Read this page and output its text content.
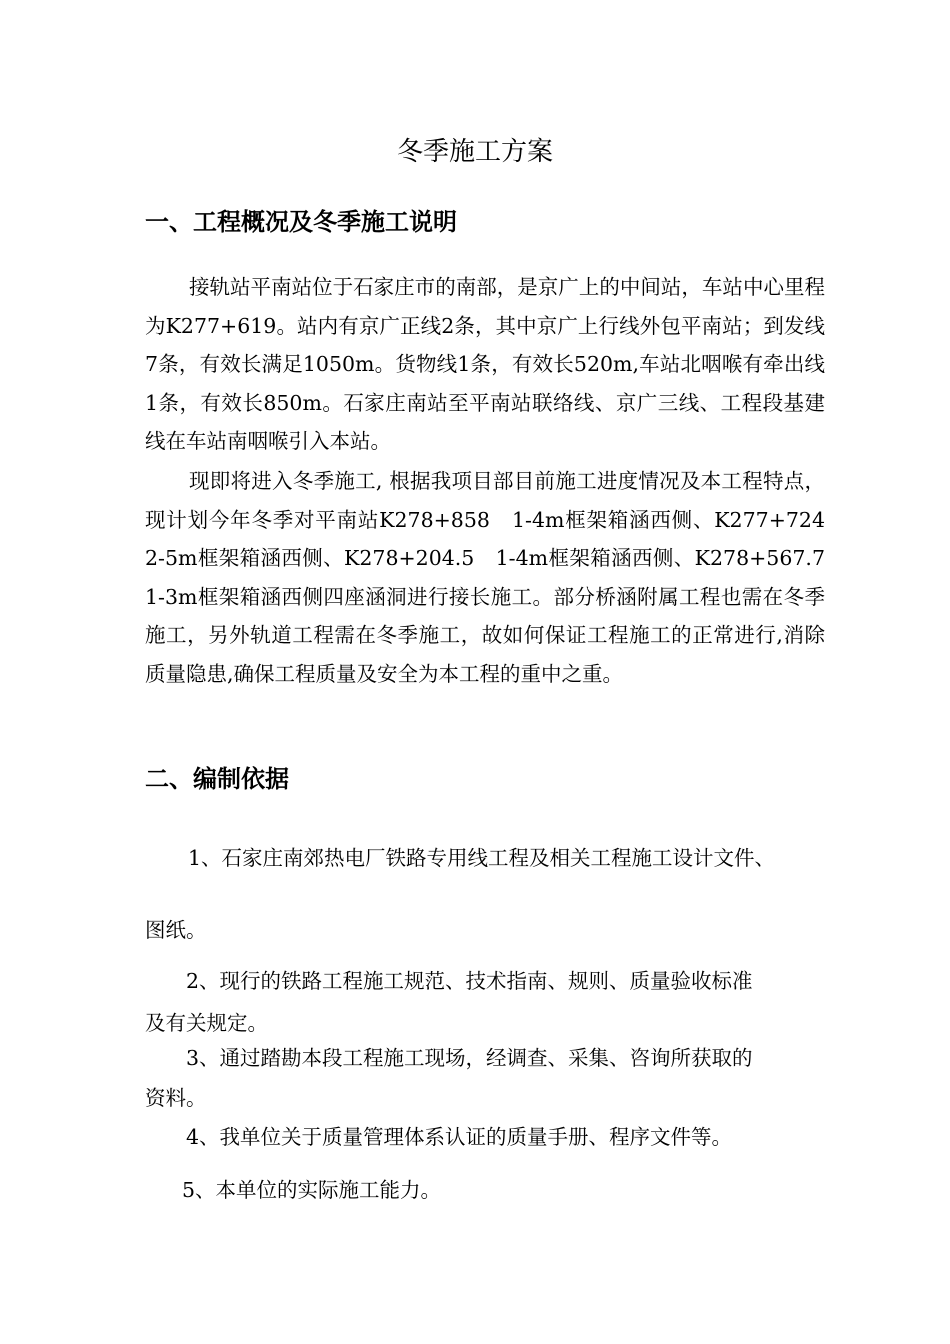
冬季施工方案
一、工程概况及冬季施工说明

接轨站平南站位于石家庄市的南部，是京广上的中间站，车站中心里程为K277+619。站内有京广正线2条，其中京广上行线外包平南站；到发线7条，有效长满足1050m。货物线1条，有效长520m,车站北咽喉有牵出线1条，有效长850m。石家庄南站至平南站联络线、京广三线、工程段基建线在车站南咽喉引入本站。

现即将进入冬季施工, 根据我项目部目前施工进度情况及本工程特点，现计划今年冬季对平南站K278+858　1-4m框架箱涵西侧、K277+724　2-5m框架箱涵西侧、K278+204.5　1-4m框架箱涵西侧、K278+567.7　1-3m框架箱涵西侧四座涵洞进行接长施工。部分桥涵附属工程也需在冬季施工，另外轨道工程需在冬季施工，故如何保证工程施工的正常进行,消除质量隐患,确保工程质量及安全为本工程的重中之重。

二、编制依据

1、石家庄南郊热电厂铁路专用线工程及相关工程施工设计文件、

图纸。

2、现行的铁路工程施工规范、技术指南、规则、质量验收标准

及有关规定。

3、通过踏勘本段工程施工现场，经调查、采集、咨询所获取的

资料。

4、我单位关于质量管理体系认证的质量手册、程序文件等。

5、本单位的实际施工能力。
